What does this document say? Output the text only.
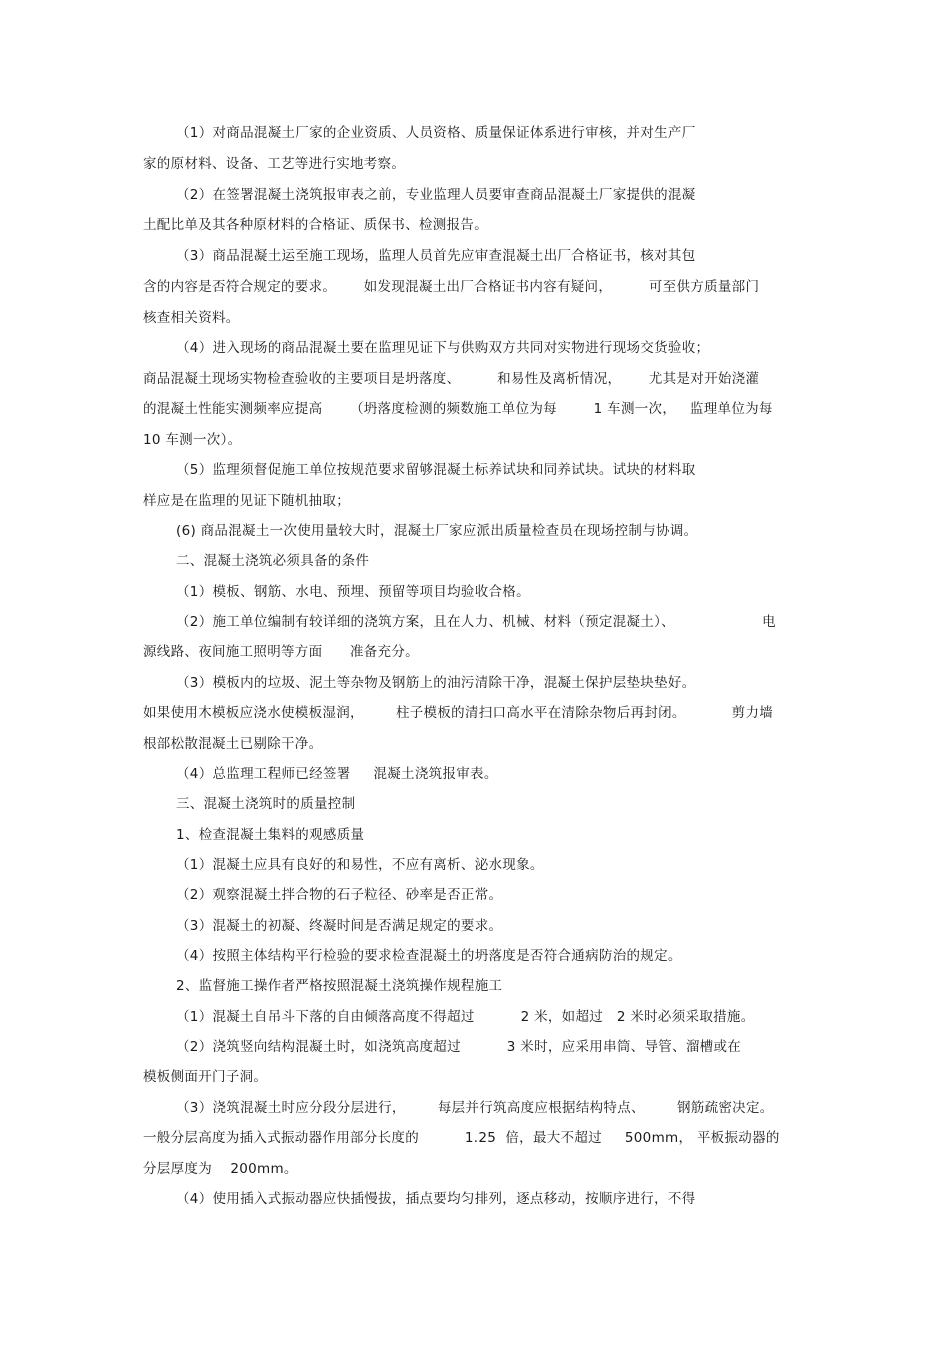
（1）对商品混凝土厂家的企业资质、人员资格、质量保证体系进行审核，并对生产厂
家的原材料、设备、工艺等进行实地考察。
（2）在签署混凝土浇筑报审表之前，专业监理人员要审查商品混凝土厂家提供的混凝
土配比单及其各种原材料的合格证、质保书、检测报告。
（3）商品混凝土运至施工现场，监理人员首先应审查混凝土出厂合格证书，核对其包
含的内容是否符合规定的要求。      如发现混凝土出厂合格证书内容有疑问，        可至供方质量部门
核查相关资料。
（4）进入现场的商品混凝土要在监理见证下与供购双方共同对实物进行现场交货验收；
商品混凝土现场实物检查验收的主要项目是坍落度、        和易性及离析情况，      尤其是对开始浇灌
的混凝土性能实测频率应提高      （坍落度检测的频数施工单位为每        1 车测一次，   监理单位为每
10 车测一次）。
（5）监理须督促施工单位按规范要求留够混凝土标养试块和同养试块。试块的材料取
样应是在监理的见证下随机抽取；
(6) 商品混凝土一次使用量较大时，混凝土厂家应派出质量检查员在现场控制与协调。
二、混凝土浇筑必须具备的条件
（1）模板、钢筋、水电、预埋、预留等项目均验收合格。
（2）施工单位编制有较详细的浇筑方案，且在人力、机械、材料（预定混凝土）、                   电
源线路、夜间施工照明等方面      准备充分。
（3）模板内的垃圾、泥土等杂物及钢筋上的油污清除干净，混凝土保护层垫块垫好。
如果使用木模板应浇水使模板湿润，       柱子模板的清扫口高水平在清除杂物后再封闭。          剪力墙
根部松散混凝土已剔除干净。
（4）总监理工程师已经签署     混凝土浇筑报审表。
三、混凝土浇筑时的质量控制
1、检查混凝土集料的观感质量
（1）混凝土应具有良好的和易性，不应有离析、泌水现象。
（2）观察混凝土拌合物的石子粒径、砂率是否正常。
（3）混凝土的初凝、终凝时间是否满足规定的要求。
（4）按照主体结构平行检验的要求检查混凝土的坍落度是否符合通病防治的规定。
2、监督施工操作者严格按照混凝土浇筑操作规程施工
（1）混凝土自吊斗下落的自由倾落高度不得超过          2 米，如超过   2 米时必须采取措施。
（2）浇筑竖向结构混凝土时，如浇筑高度超过          3 米时，应采用串筒、导管、溜槽或在
模板侧面开门子洞。
（3）浇筑混凝土时应分段分层进行，       每层并行筑高度应根据结构特点、       钢筋疏密决定。
一般分层高度为插入式振动器作用部分长度的          1.25  倍，最大不超过     500mm， 平板振动器的
分层厚度为    200mm。
（4）使用插入式振动器应快插慢拔，插点要均匀排列，逐点移动，按顺序进行，不得
